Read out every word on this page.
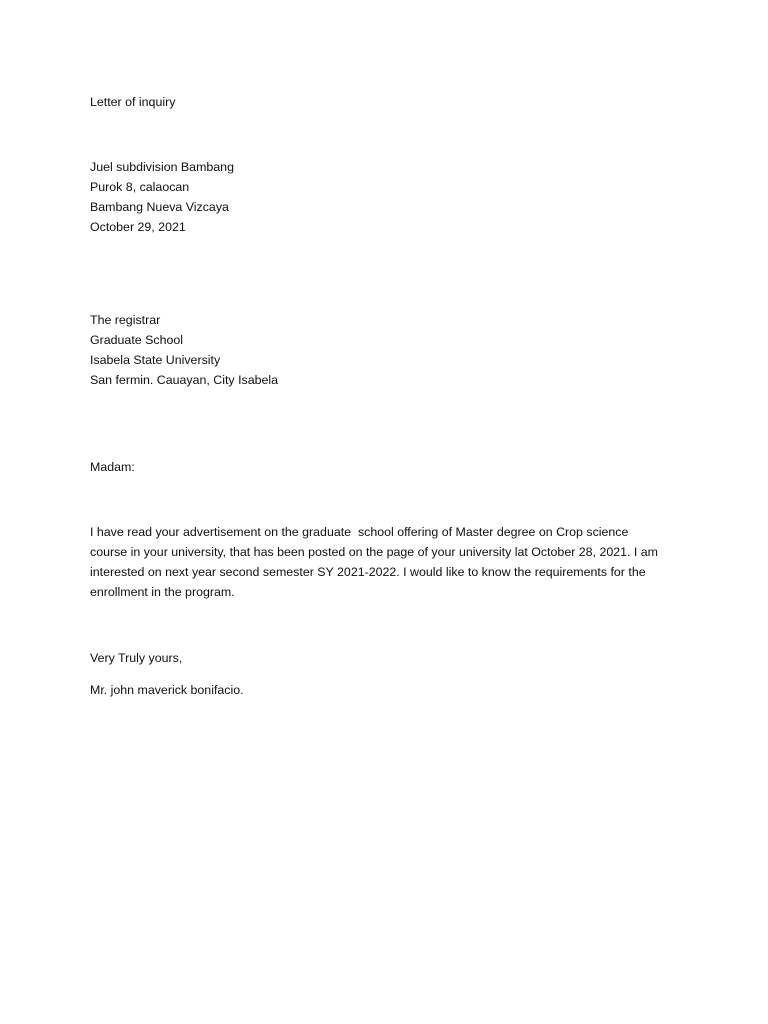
Letter of inquiry
Juel subdivision Bambang
Purok 8, calaocan
Bambang Nueva Vizcaya
October 29, 2021
The registrar
Graduate School
Isabela State University
San fermin. Cauayan, City Isabela
Madam:
I have read your advertisement on the graduate  school offering of Master degree on Crop science
course in your university, that has been posted on the page of your university lat October 28, 2021. I am
interested on next year second semester SY 2021-2022. I would like to know the requirements for the
enrollment in the program.
Very Truly yours,
Mr. john maverick bonifacio.
